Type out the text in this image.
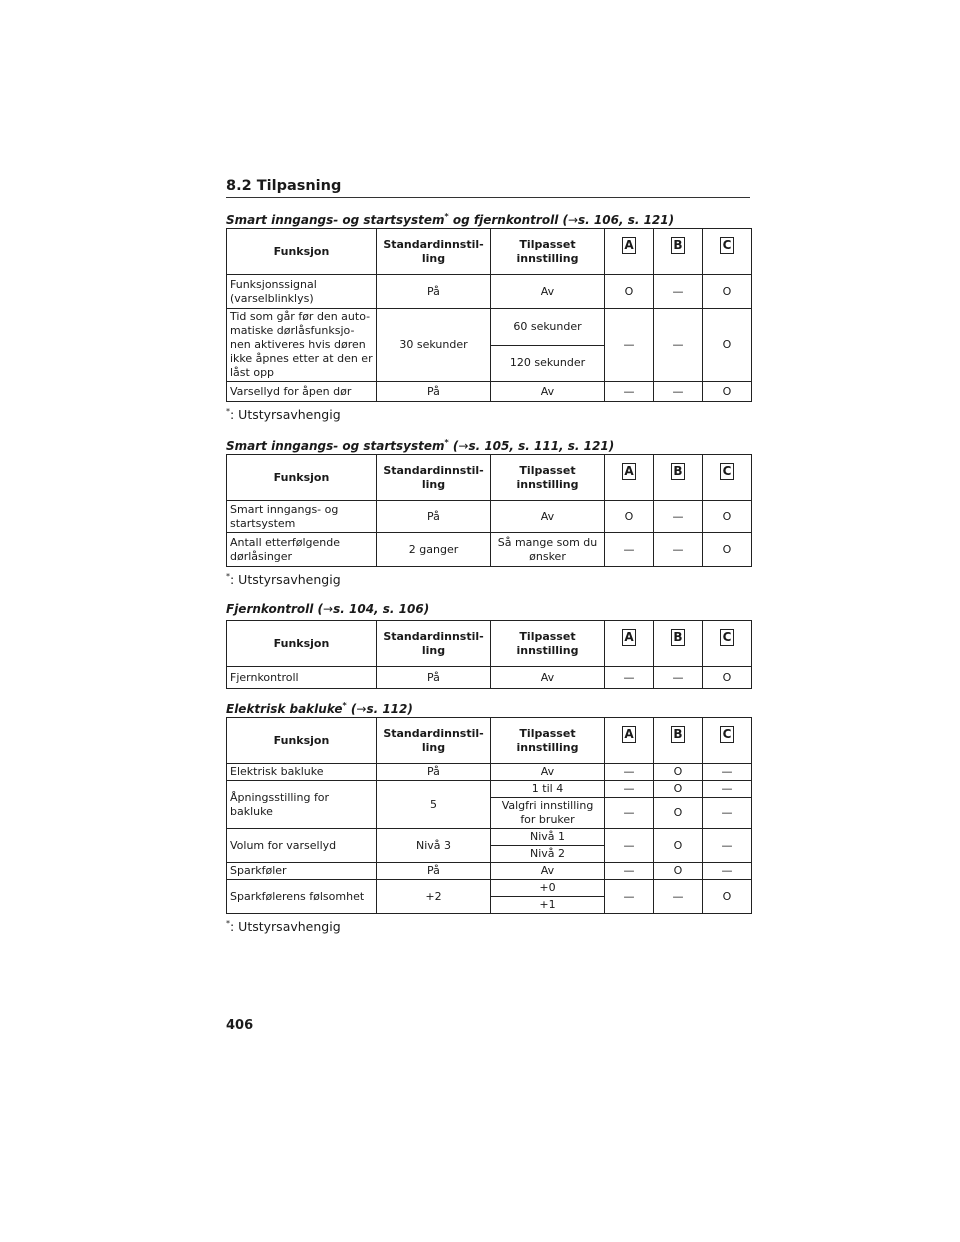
8.2 Tilpasning
Smart inngangs- og startsystem* og fjernkontroll (→s. 106, s. 121)
Funksjon	Standardinnstil-ling	Tilpasset innstilling	A	B	C
Funksjonssignal (varselblinklys)	På	Av	O	—	O
Tid som går før den auto-matiske dørlåsfunksjo-nen aktiveres hvis døren ikke åpnes etter at den er låst opp	30 sekunder	60 sekunder	—	—	O
		120 sekunder			
Varsellyd for åpen dør	På	Av	—	—	O
*: Utstyrsavhengig
Smart inngangs- og startsystem* (→s. 105, s. 111, s. 121)
Funksjon	Standardinnstil-ling	Tilpasset innstilling	A	B	C
Smart inngangs- og startsystem	På	Av	O	—	O
Antall etterfølgende dørlåsinger	2 ganger	Så mange som du ønsker	—	—	O
*: Utstyrsavhengig
Fjernkontroll (→s. 104, s. 106)
Funksjon	Standardinnstil-ling	Tilpasset innstilling	A	B	C
Fjernkontroll	På	Av	—	—	O
Elektrisk bakluke* (→s. 112)
Funksjon	Standardinnstil-ling	Tilpasset innstilling	A	B	C
Elektrisk bakluke	På	Av	—	O	—
Åpningsstilling for bakluke	5	1 til 4	—	O	—
		Valgfri innstilling for bruker	—	O	—
Volum for varsellyd	Nivå 3	Nivå 1	—	O	—
		Nivå 2			
Sparkføler	På	Av	—	O	—
Sparkfølerens følsomhet	+2	+0	—	—	O
		+1			
*: Utstyrsavhengig
406
